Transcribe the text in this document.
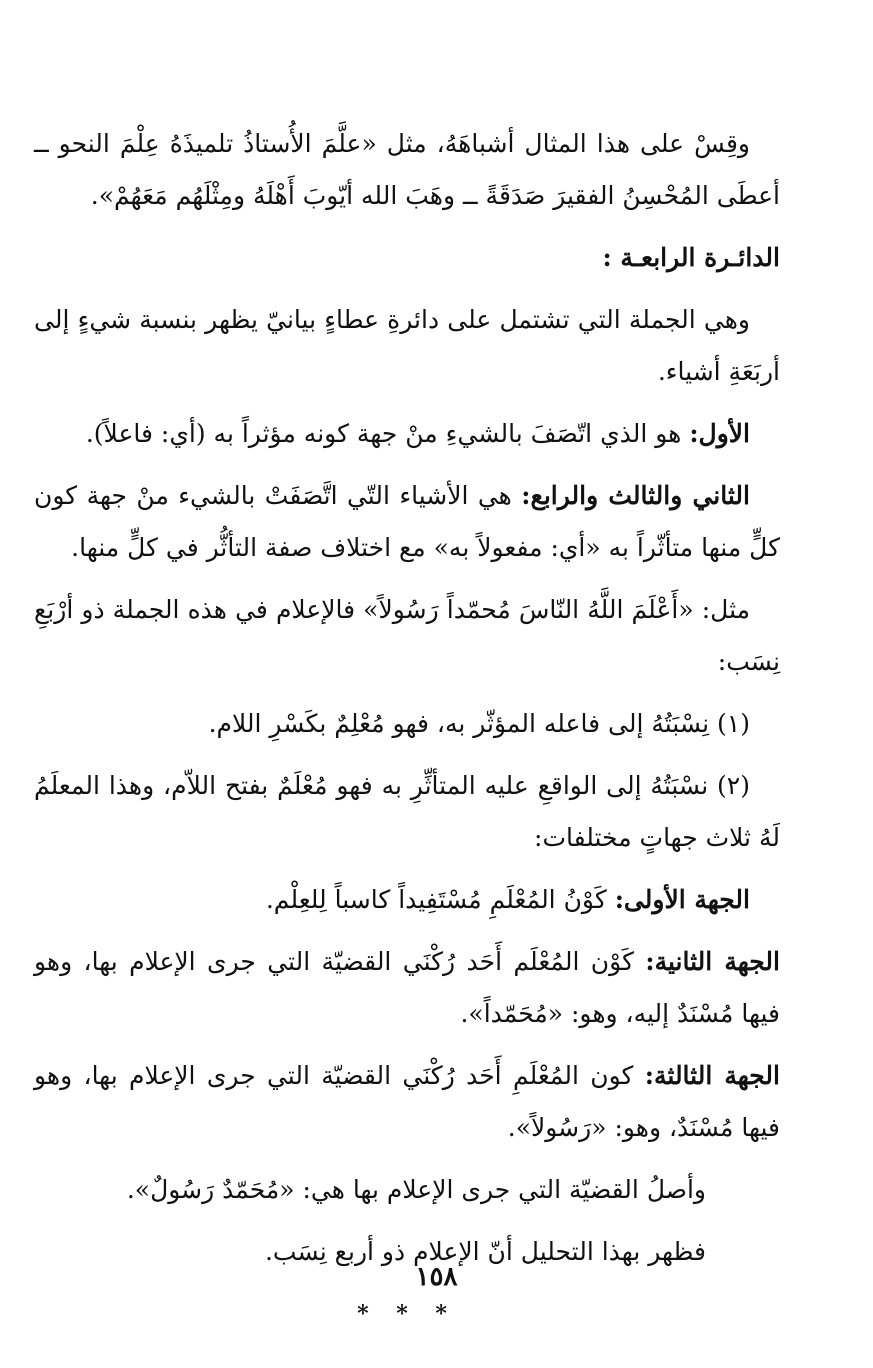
وقِسْ على هذا المثال أشباهَهُ، مثل «علَّمَ الأُستاذُ تلميذَهُ عِلْمَ النحو ــ أعطَى المُحْسِنُ الفقيرَ صَدَقَةً ــ وهَبَ الله أيّوبَ أَهْلَهُ ومِثْلَهُم مَعَهُمْ».

الدائـرة الرابعـة :

وهي الجملة التي تشتمل على دائرةِ عطاءٍ بيانيّ يظهر بنسبة شيءٍ إلى أربَعَةِ أشياء.

الأول: هو الذي اتّصَفَ بالشيءِ منْ جهة كونه مؤثراً به (أي: فاعلاً).

الثاني والثالث والرابع: هي الأشياء التّي اتَّصَفَتْ بالشيء منْ جهة كون كلٍّ منها متأثّراً به «أي: مفعولاً به» مع اختلاف صفة التأثُّر في كلٍّ منها.

مثل: «أَعْلَمَ اللَّهُ النّاسَ مُحمّداً رَسُولاً» فالإعلام في هذه الجملة ذو أرْبَعِ نِسَب:

(١) نِسْبَتُهُ إلى فاعله المؤثّر به، فهو مُعْلِمٌ بكَسْرِ اللام.

(٢) نسْبَتُهُ إلى الواقعِ عليه المتأثِّرِ به فهو مُعْلَمٌ بفتح اللاّم، وهذا المعلَمُ لَهُ ثلاث جهاتٍ مختلفات:

الجهة الأولى: كَوْنُ المُعْلَمِ مُسْتَفِيداً كاسباً لِلعِلْم.

الجهة الثانية: كَوْن المُعْلَم أَحَد رُكْنَي القضيّة التي جرى الإعلام بها، وهو فيها مُسْنَدٌ إليه، وهو: «مُحَمّداً».

الجهة الثالثة: كون المُعْلَمِ أَحَد رُكْنَي القضيّة التي جرى الإعلام بها، وهو فيها مُسْنَدٌ، وهو: «رَسُولاً».

وأصلُ القضيّة التي جرى الإعلام بها هي: «مُحَمّدٌ رَسُولٌ».

فظهر بهذا التحليل أنّ الإعلام ذو أربع نِسَب.

* * *
١٥٨
